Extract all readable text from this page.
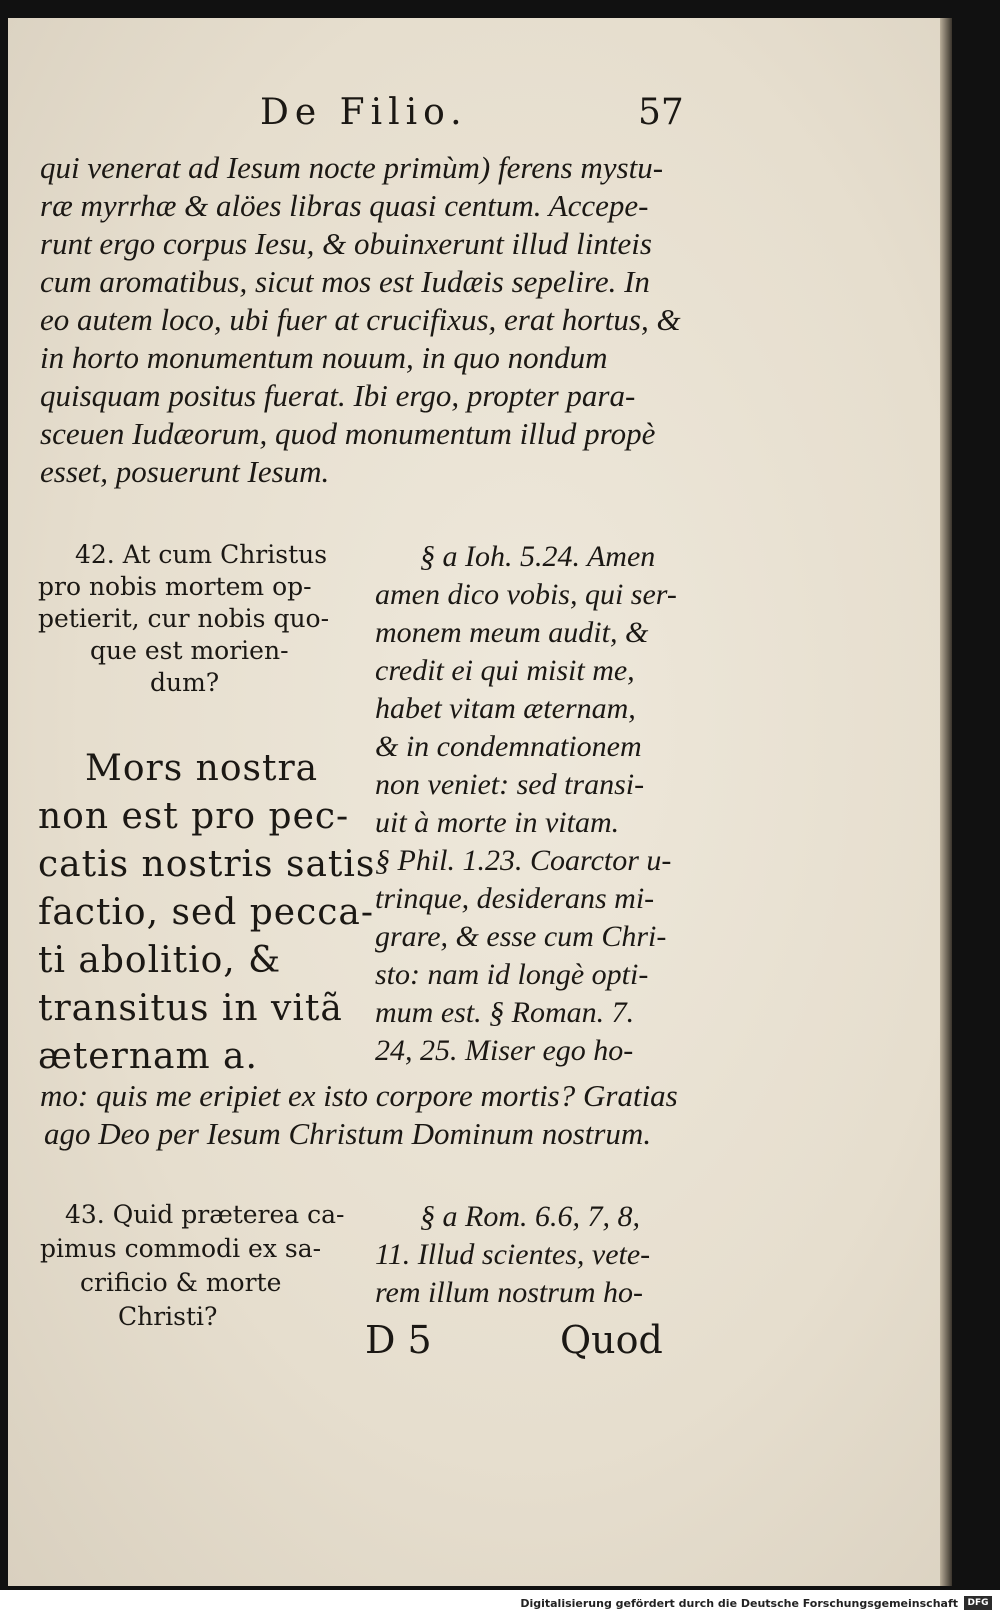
De Filio.	57

qui venerat ad Iesum nocte primùm) ferens mystu-

ræ myrrhæ & alöes libras quasi centum. Accepe-

runt ergo corpus Iesu, & obuinxerunt illud linteis

cum aromatibus, sicut mos est Iudæis sepelire. In

eo autem loco, ubi fuer at crucifixus, erat hortus, &

in horto monumentum nouum, in quo nondum

quisquam positus fuerat. Ibi ergo, propter para-

sceuen Iudæorum, quod monumentum illud propè

esset, posuerunt Iesum.

42. At cum Christus

pro nobis mortem op-

petierit, cur nobis quo-

que est morien-

dum?

Mors nostra

non est pro pec-

catis nostris satis

factio, sed pecca-

ti abolitio, &

transitus in vitã

æternam a.

§ a Ioh. 5.24. Amen

amen dico vobis, qui ser-

monem meum audit, &

credit ei qui misit me,

habet vitam æternam,

& in condemnationem

non veniet: sed transi-

uit à morte in vitam.

§ Phil. 1.23. Coarctor u-

trinque, desiderans mi-

grare, & esse cum Chri-

sto: nam id longè opti-

mum est. § Roman. 7.

24, 25. Miser ego ho-

mo: quis me eripiet ex isto corpore mortis? Gratias

ago Deo per Iesum Christum Dominum nostrum.

43. Quid præterea ca-

pimus commodi ex sa-

crificio & morte

Christi?

§ a Rom. 6.6, 7, 8,

11. Illud scientes, vete-

rem illum nostrum ho-

D 5	Quod

Digitalisierung gefördert durch die Deutsche Forschungsgemeinschaft	DFG
